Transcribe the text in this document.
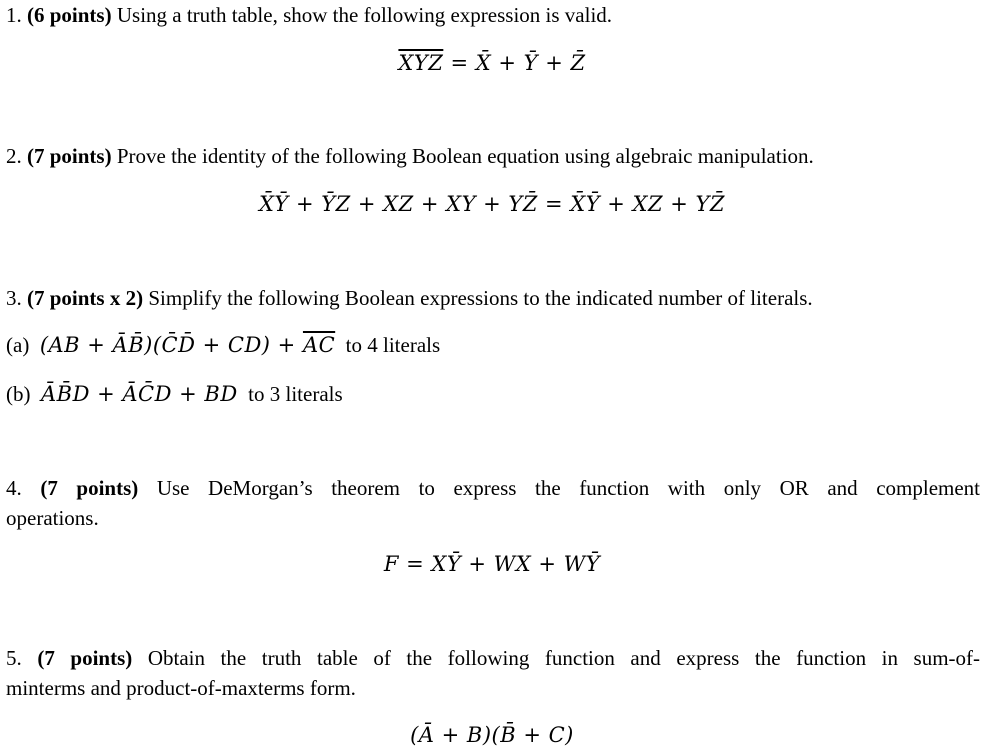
1. (6 points) Using a truth table, show the following expression is valid.
$\overline{XYZ}$ = X̄ + Ȳ + Z̄
2. (7 points) Prove the identity of the following Boolean equation using algebraic manipulation.
X̄Ȳ + ȲZ + XZ + XY + YZ̄ = X̄Ȳ + XZ + YZ̄
3. (7 points x 2) Simplify the following Boolean expressions to the indicated number of literals.
(a) (AB + ĀB̄)(C̄D̄ + $CD) + \overline{AC}$ to 4 literals
(b) ĀB̄D + ĀC̄D + BD to 3 literals
4. (7 points) Use DeMorgan’s theorem to express the function with only OR and complement
operations.
F = XȲ + WX + WȲ
5. (7 points) Obtain the truth table of the following function and express the function in sum-of-
minterms and product-of-maxterms form.
(Ā + B)(B̄ + C)
